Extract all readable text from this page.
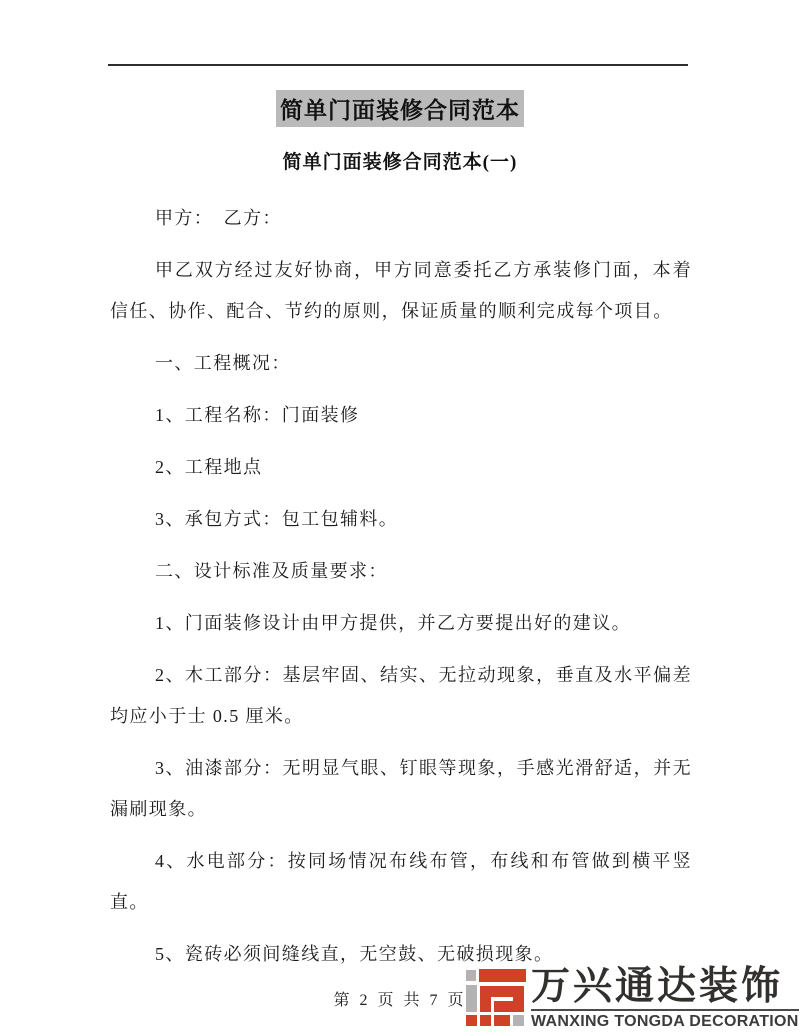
简单门面装修合同范本
简单门面装修合同范本(一)

甲方：　乙方：

甲乙双方经过友好协商，甲方同意委托乙方承装修门面，本着信任、协作、配合、节约的原则，保证质量的顺利完成每个项目。

一、工程概况：

1、工程名称：门面装修

2、工程地点

3、承包方式：包工包辅料。

二、设计标准及质量要求：

1、门面装修设计由甲方提供，并乙方要提出好的建议。

2、木工部分：基层牢固、结实、无拉动现象，垂直及水平偏差均应小于士 0.5 厘米。

3、油漆部分：无明显气眼、钉眼等现象，手感光滑舒适，并无漏刷现象。

4、水电部分：按同场情况布线布管，布线和布管做到横平竖直。

5、瓷砖必须间缝线直，无空鼓、无破损现象。

第 2 页 共 7 页	万兴通达装饰
WANXING TONGDA DECORATION
